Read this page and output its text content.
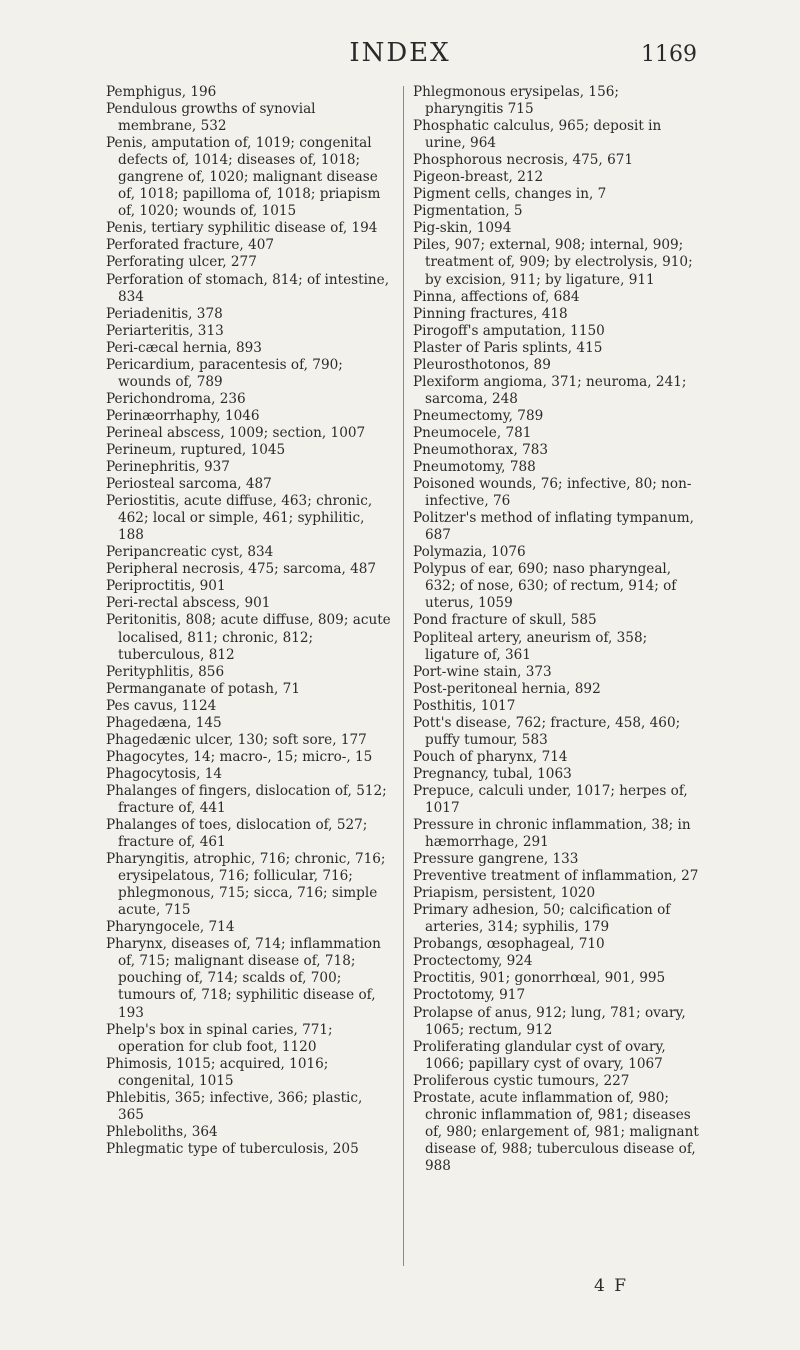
INDEX	1169

Pemphigus, 196

Pendulous growths of synovial membrane, 532

Penis, amputation of, 1019; congenital defects of, 1014; diseases of, 1018; gangrene of, 1020; malignant disease of, 1018; papilloma of, 1018; priapism of, 1020; wounds of, 1015

Penis, tertiary syphilitic disease of, 194

Perforated fracture, 407

Perforating ulcer, 277

Perforation of stomach, 814; of intestine, 834

Periadenitis, 378

Periarteritis, 313

Peri-cæcal hernia, 893

Pericardium, paracentesis of, 790; wounds of, 789

Perichondroma, 236

Perinæorrhaphy, 1046

Perineal abscess, 1009; section, 1007

Perineum, ruptured, 1045

Perinephritis, 937

Periosteal sarcoma, 487

Periostitis, acute diffuse, 463; chronic, 462; local or simple, 461; syphilitic, 188

Peripancreatic cyst, 834

Peripheral necrosis, 475; sarcoma, 487

Periproctitis, 901

Peri-rectal abscess, 901

Peritonitis, 808; acute diffuse, 809; acute localised, 811; chronic, 812; tuberculous, 812

Perityphlitis, 856

Permanganate of potash, 71

Pes cavus, 1124

Phagedæna, 145

Phagedænic ulcer, 130; soft sore, 177

Phagocytes, 14; macro-, 15; micro-, 15

Phagocytosis, 14

Phalanges of fingers, dislocation of, 512; fracture of, 441

Phalanges of toes, dislocation of, 527; fracture of, 461

Pharyngitis, atrophic, 716; chronic, 716; erysipelatous, 716; follicular, 716; phlegmonous, 715; sicca, 716; simple acute, 715

Pharyngocele, 714

Pharynx, diseases of, 714; inflammation of, 715; malignant disease of, 718; pouching of, 714; scalds of, 700; tumours of, 718; syphilitic disease of, 193

Phelp's box in spinal caries, 771; operation for club foot, 1120

Phimosis, 1015; acquired, 1016; congenital, 1015

Phlebitis, 365; infective, 366; plastic, 365

Phleboliths, 364

Phlegmatic type of tuberculosis, 205

Phlegmonous erysipelas, 156; pharyngitis 715

Phosphatic calculus, 965; deposit in urine, 964

Phosphorous necrosis, 475, 671

Pigeon-breast, 212

Pigment cells, changes in, 7

Pigmentation, 5

Pig-skin, 1094

Piles, 907; external, 908; internal, 909; treatment of, 909; by electrolysis, 910; by excision, 911; by ligature, 911

Pinna, affections of, 684

Pinning fractures, 418

Pirogoff's amputation, 1150

Plaster of Paris splints, 415

Pleurosthotonos, 89

Plexiform angioma, 371; neuroma, 241; sarcoma, 248

Pneumectomy, 789

Pneumocele, 781

Pneumothorax, 783

Pneumotomy, 788

Poisoned wounds, 76; infective, 80; non-infective, 76

Politzer's method of inflating tympanum, 687

Polymazia, 1076

Polypus of ear, 690; naso pharyngeal, 632; of nose, 630; of rectum, 914; of uterus, 1059

Pond fracture of skull, 585

Popliteal artery, aneurism of, 358; ligature of, 361

Port-wine stain, 373

Post-peritoneal hernia, 892

Posthitis, 1017

Pott's disease, 762; fracture, 458, 460; puffy tumour, 583

Pouch of pharynx, 714

Pregnancy, tubal, 1063

Prepuce, calculi under, 1017; herpes of, 1017

Pressure in chronic inflammation, 38; in hæmorrhage, 291

Pressure gangrene, 133

Preventive treatment of inflammation, 27

Priapism, persistent, 1020

Primary adhesion, 50; calcification of arteries, 314; syphilis, 179

Probangs, œsophageal, 710

Proctectomy, 924

Proctitis, 901; gonorrhœal, 901, 995

Proctotomy, 917

Prolapse of anus, 912; lung, 781; ovary, 1065; rectum, 912

Proliferating glandular cyst of ovary, 1066; papillary cyst of ovary, 1067

Proliferous cystic tumours, 227

Prostate, acute inflammation of, 980; chronic inflammation of, 981; diseases of, 980; enlargement of, 981; malignant disease of, 988; tuberculous disease of, 988

4 F
